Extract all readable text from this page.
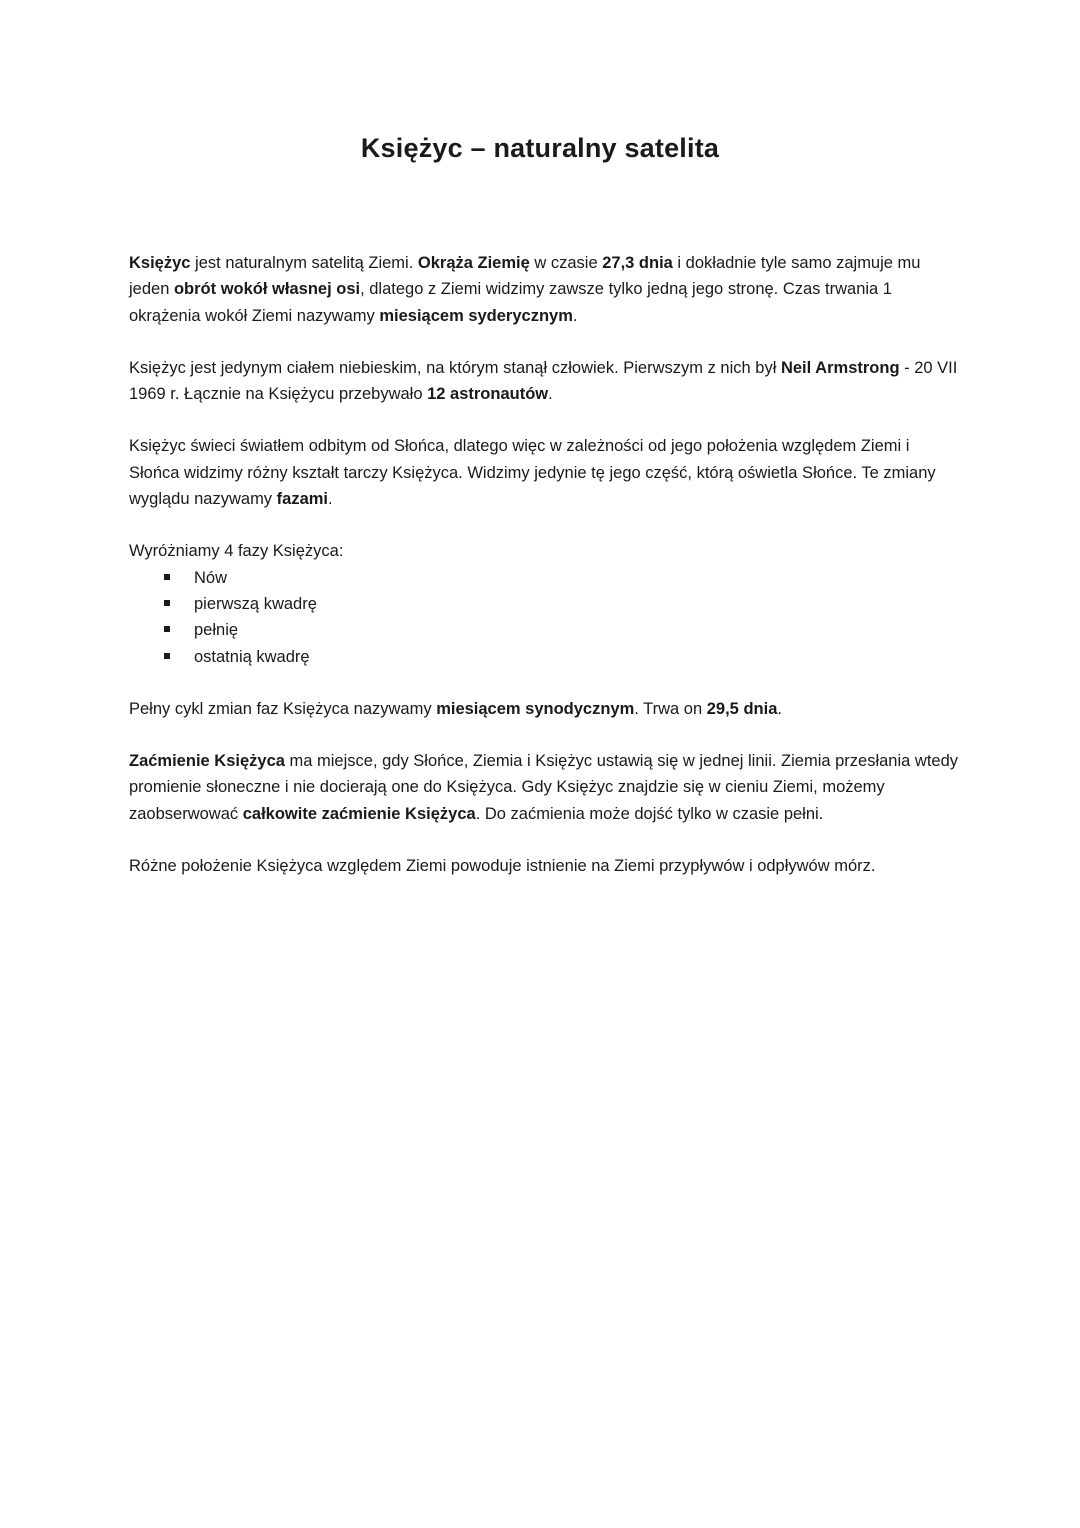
Księżyc – naturalny satelita

Księżyc jest naturalnym satelitą Ziemi. Okrąża Ziemię w czasie 27,3 dnia i dokładnie tyle samo zajmuje mu jeden obrót wokół własnej osi, dlatego z Ziemi widzimy zawsze tylko jedną jego stronę. Czas trwania 1 okrążenia wokół Ziemi nazywamy miesiącem syderycznym.

Księżyc jest jedynym ciałem niebieskim, na którym stanął człowiek. Pierwszym z nich był Neil Armstrong - 20 VII 1969 r. Łącznie na Księżycu przebywało 12 astronautów.

Księżyc świeci światłem odbitym od Słońca, dlatego więc w zależności od jego położenia względem Ziemi i Słońca widzimy różny kształt tarczy Księżyca. Widzimy jedynie tę jego część, którą oświetla Słońce. Te zmiany wyglądu nazywamy fazami.

Wyróżniamy 4 fazy Księżyca:

Nów
pierwszą kwadrę
pełnię
ostatnią kwadrę

Pełny cykl zmian faz Księżyca nazywamy miesiącem synodycznym. Trwa on 29,5 dnia.

Zaćmienie Księżyca ma miejsce, gdy Słońce, Ziemia i Księżyc ustawią się w jednej linii. Ziemia przesłania wtedy promienie słoneczne i nie docierają one do Księżyca. Gdy Księżyc znajdzie się w cieniu Ziemi, możemy zaobserwować całkowite zaćmienie Księżyca. Do zaćmienia może dojść tylko w czasie pełni.

Różne położenie Księżyca względem Ziemi powoduje istnienie na Ziemi przypływów i odpływów mórz.
